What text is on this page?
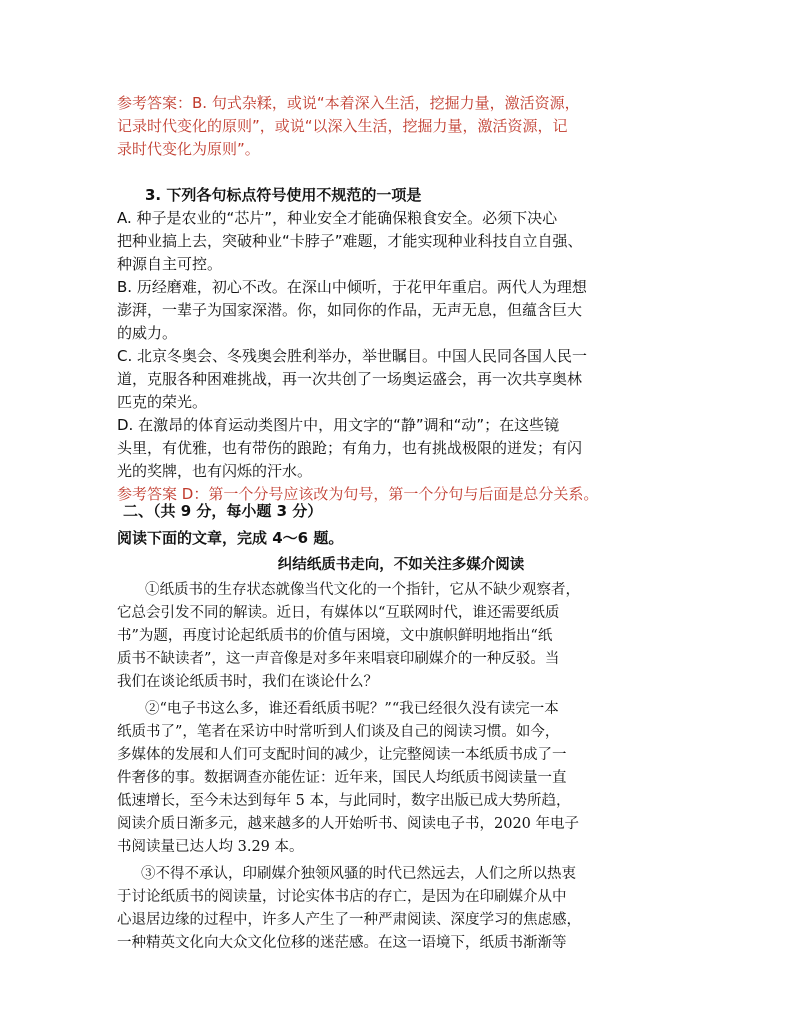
参考答案：B. 句式杂糅，或说“本着深入生活，挖掘力量，激活资源，
记录时代变化的原则”，或说“以深入生活，挖掘力量，激活资源，记
录时代变化为原则”。
3. 下列各句标点符号使用不规范的一项是
A. 种子是农业的“芯片”，种业安全才能确保粮食安全。必须下决心
把种业搞上去，突破种业“卡脖子”难题，才能实现种业科技自立自强、
种源自主可控。
B. 历经磨难，初心不改。在深山中倾听，于花甲年重启。两代人为理想
澎湃，一辈子为国家深潜。你，如同你的作品，无声无息，但蕴含巨大
的威力。
C. 北京冬奥会、冬残奥会胜利举办，举世瞩目。中国人民同各国人民一
道，克服各种困难挑战，再一次共创了一场奥运盛会，再一次共享奥林
匹克的荣光。
D. 在激昂的体育运动类图片中，用文字的“静”调和“动”；在这些镜
头里，有优雅，也有带伤的踉跄；有角力，也有挑战极限的迸发；有闪
光的奖牌，也有闪烁的汗水。
参考答案 D：第一个分号应该改为句号，第一个分句与后面是总分关系。
二、（共 9 分，每小题 3 分）
阅读下面的文章，完成 4～6 题。
纠结纸质书走向，不如关注多媒介阅读
①纸质书的生存状态就像当代文化的一个指针，它从不缺少观察者，
它总会引发不同的解读。近日，有媒体以“互联网时代，谁还需要纸质
书”为题，再度讨论起纸质书的价值与困境，文中旗帜鲜明地指出“纸
质书不缺读者”，这一声音像是对多年来唱衰印刷媒介的一种反驳。当
我们在谈论纸质书时，我们在谈论什么？
②“电子书这么多，谁还看纸质书呢？”“我已经很久没有读完一本
纸质书了”，笔者在采访中时常听到人们谈及自己的阅读习惯。如今，
多媒体的发展和人们可支配时间的减少，让完整阅读一本纸质书成了一
件奢侈的事。数据调查亦能佐证：近年来，国民人均纸质书阅读量一直
低速增长，至今未达到每年 5 本，与此同时，数字出版已成大势所趋，
阅读介质日渐多元，越来越多的人开始听书、阅读电子书，2020 年电子
书阅读量已达人均 3.29 本。
③不得不承认，印刷媒介独领风骚的时代已然远去，人们之所以热衷
于讨论纸质书的阅读量，讨论实体书店的存亡，是因为在印刷媒介从中
心退居边缘的过程中，许多人产生了一种严肃阅读、深度学习的焦虑感，
一种精英文化向大众文化位移的迷茫感。在这一语境下，纸质书渐渐等
